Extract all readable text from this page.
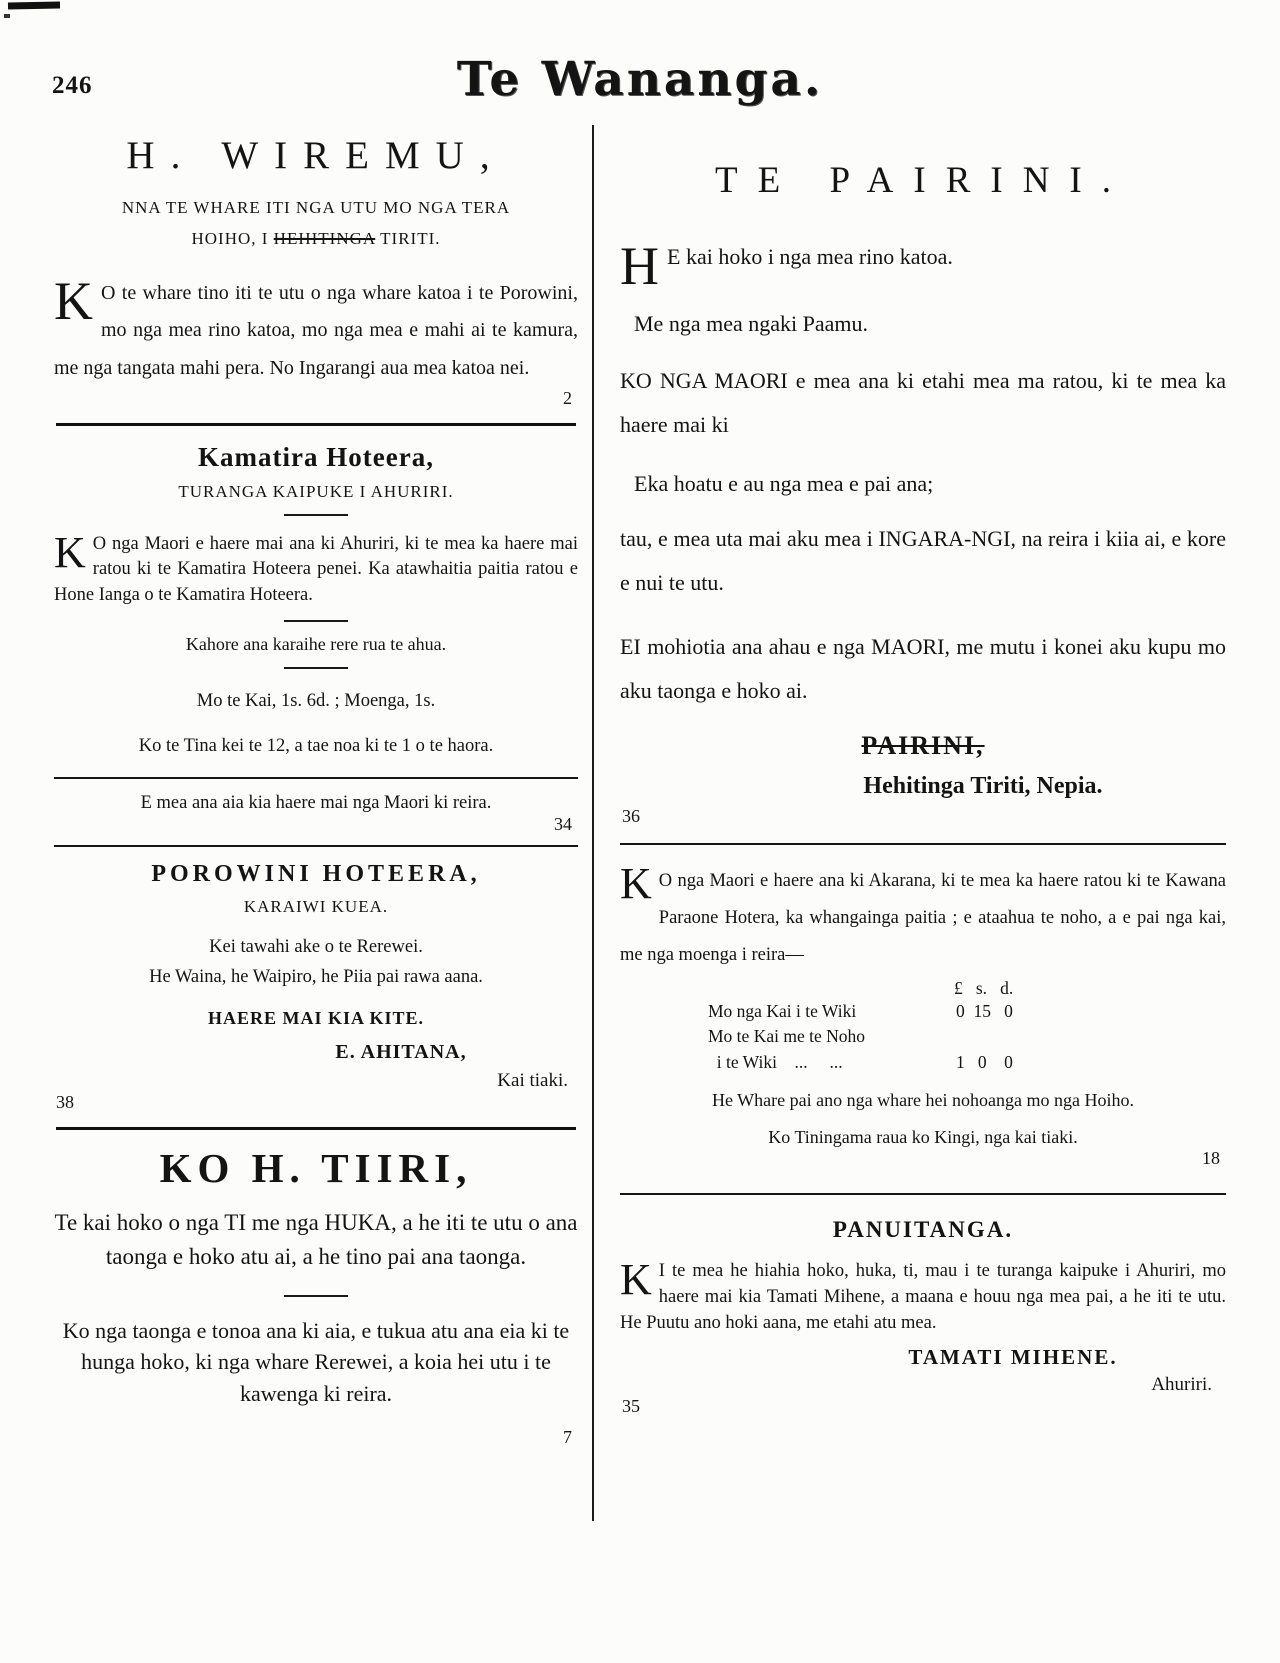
246	Te Wananga.
H. WIREMU,
NNA TE WHARE ITI NGA UTU MO NGA TERA
HOIHO, I HEHITINGA TIRITI.
K O te whare tino iti te utu o nga whare katoa i te Porowini, mo nga mea rino katoa, mo nga mea e mahi ai te kamura, me nga tangata mahi pera. No Ingarangi aua mea katoa nei.
2
Kamatira Hoteera,
TURANGA KAIPUKE I AHURIRI.
K O nga Maori e haere mai ana ki Ahuriri, ki te mea ka haere mai ratou ki te Kamatira Hoteera penei. Ka atawhaitia paitia ratou e Hone Ianga o te Kamatira Hoteera.
Kahore ana karaihe rere rua te ahua.
Mo te Kai, 1s. 6d. ; Moenga, 1s.
Ko te Tina kei te 12, a tae noa ki te 1 o te haora.
E mea ana aia kia haere mai nga Maori ki reira.
34
POROWINI HOTEERA,
KARAIWI KUEA.
Kei tawahi ake o te Rerewei.
He Waina, he Waipiro, he Piia pai rawa aana.
HAERE MAI KIA KITE.
E. AHITANA,
Kai tiaki.
38
KO H. TIIRI,
Te kai hoko o nga TI me nga HUKA, a he iti te utu o ana taonga e hoko atu ai, a he tino pai ana taonga.
Ko nga taonga e tonoa ana ki aia, e tukua atu ana eia ki te hunga hoko, ki nga whare Rerewei, a koia hei utu i te kawenga ki reira.
7
TE PAIRINI.
H E kai hoko i nga mea rino katoa.
Me nga mea ngaki Paamu.
KO NGA MAORI e mea ana ki etahi mea ma ratou, ki te mea ka haere mai ki
Eka hoatu e au nga mea e pai ana;
tau, e mea uta mai aku mea i INGARA-NGI, na reira i kiia ai, e kore e nui te utu.
EI mohiotia ana ahau e nga MAORI, me mutu i konei aku kupu mo aku taonga e hoko ai.
PAIRINI,
Hehitinga Tiriti, Nepia.
36
K O nga Maori e haere ana ki Akarana, ki te mea ka haere ratou ki te Kawana Paraone Hotera, ka whangainga paitia ; e ataahua te noho, a e pai nga kai, me nga moenga i reira—
£   s.   d.
Mo nga Kai i te Wiki	0  15   0
Mo te Kai me te Noho
i te Wiki    ...     ...	1   0    0
He Whare pai ano nga whare hei nohoanga mo nga Hoiho.
Ko Tiningama raua ko Kingi, nga kai tiaki.
18
PANUITANGA.
K I te mea he hiahia hoko, huka, ti, mau i te turanga kaipuke i Ahuriri, mo haere mai kia Tamati Mihene, a maana e houu nga mea pai, a he iti te utu. He Puutu ano hoki aana, me etahi atu mea.
TAMATI MIHENE.
Ahuriri.
35
